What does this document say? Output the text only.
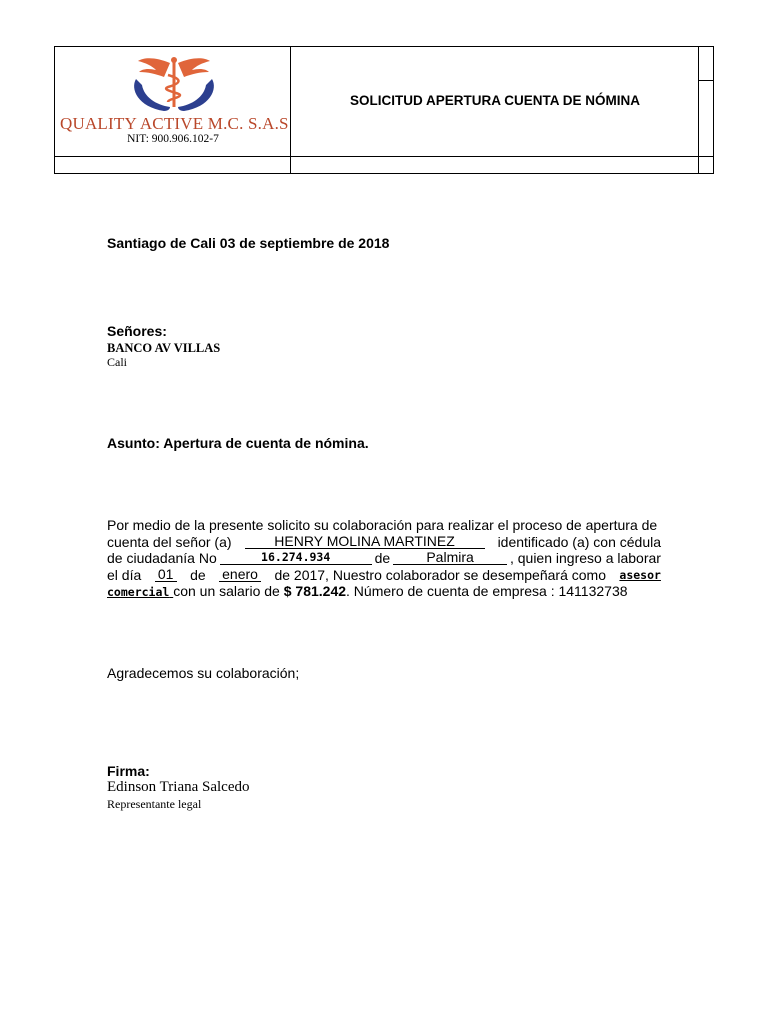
QUALITY ACTIVE M.C. S.A.S
NIT: 900.906.102-7
SOLICITUD APERTURA CUENTA DE NÓMINA
Santiago de Cali 03 de septiembre de 2018
Señores:
BANCO AV VILLAS
Cali
Asunto: Apertura de cuenta de nómina.
Por medio de la presente solicito su colaboración para realizar el proceso de apertura de
cuenta del señor (a)	HENRY MOLINA MARTINEZ	identificado (a) con cédula
de ciudadanía No	16.274.934	de	Palmira	, quien ingreso a laborar
el día 01 de enero de 2017, Nuestro colaborador se desempeñará como asesor
comercial con un salario de $ 781.242. Número de cuenta de empresa : 141132738
Agradecemos su colaboración;
Firma:
Edinson Triana Salcedo
Representante legal
